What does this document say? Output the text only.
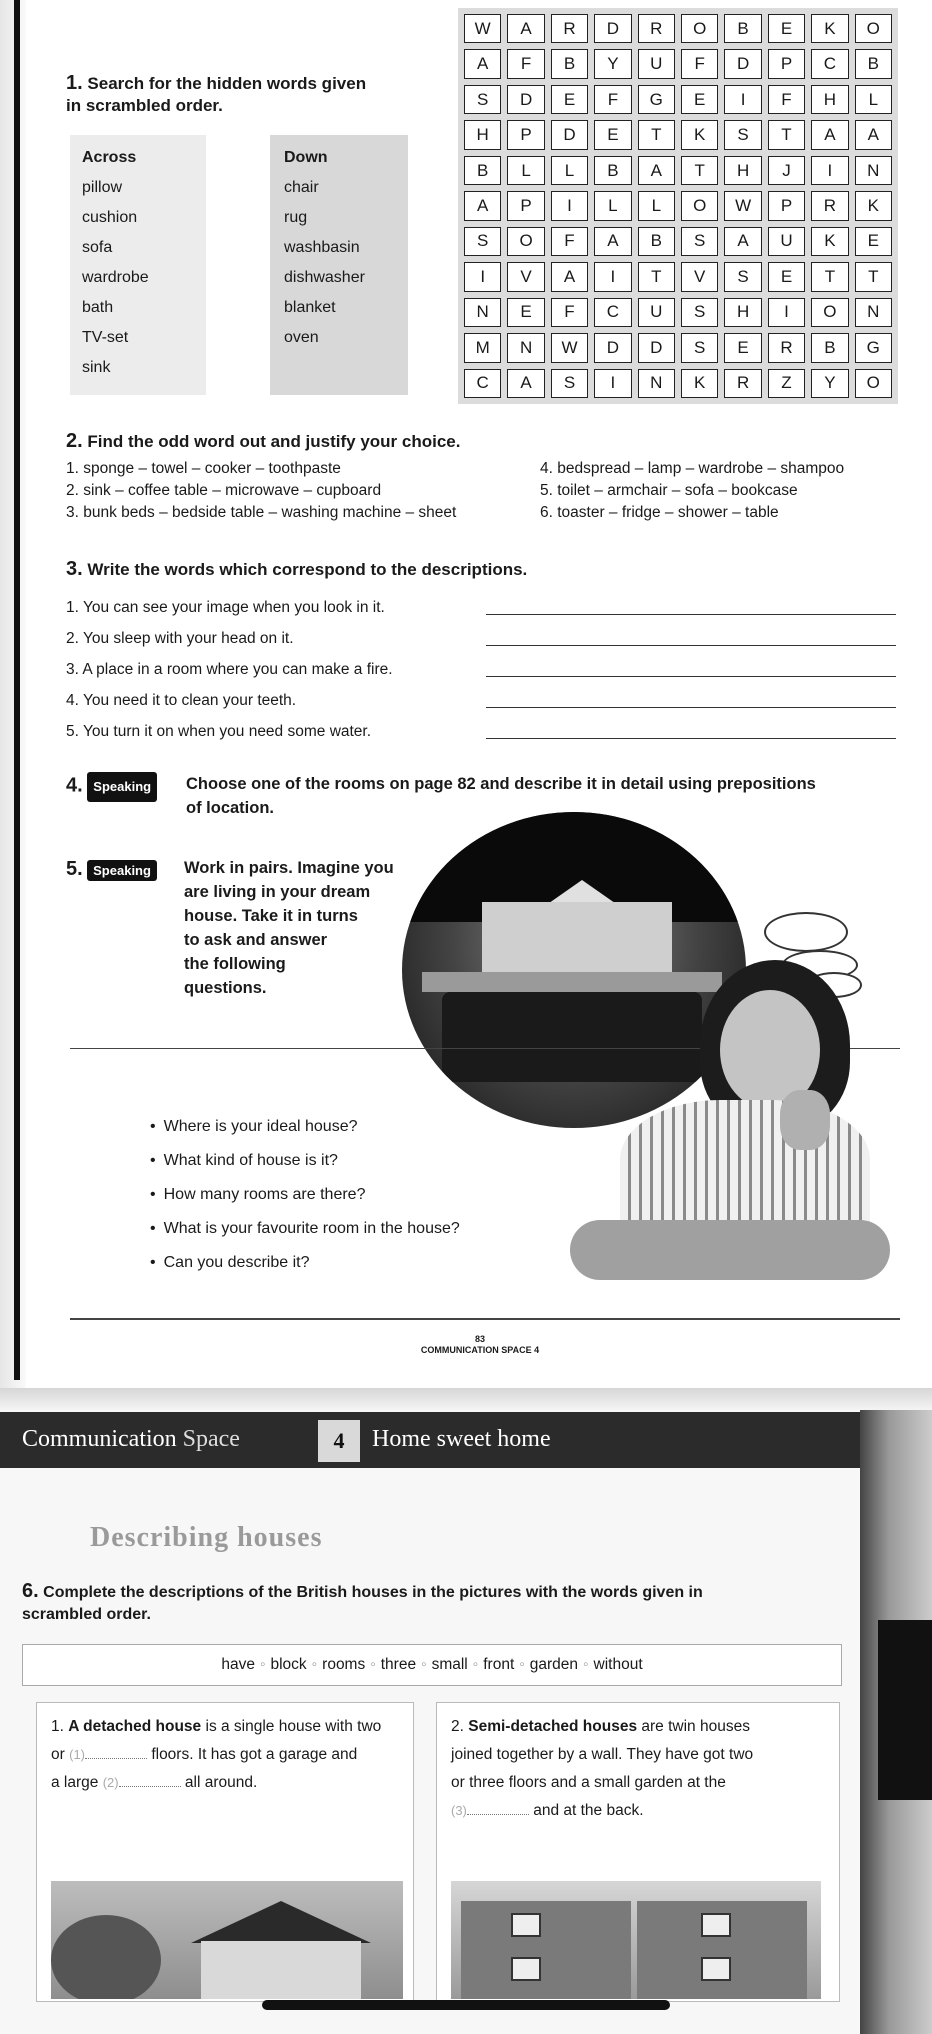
1. Search for the hidden words given
in scrambled order.
Across
pillow
cushion
sofa
wardrobe
bath
TV-set
sink
Down
chair
rug
washbasin
dishwasher
blanket
oven
W	A	R	D	R	O	B	E	K	O
A	F	B	Y	U	F	D	P	C	B
S	D	E	F	G	E	I	F	H	L
H	P	D	E	T	K	S	T	A	A
B	L	L	B	A	T	H	J	I	N
A	P	I	L	L	O	W	P	R	K
S	O	F	A	B	S	A	U	K	E
I	V	A	I	T	V	S	E	T	T
N	E	F	C	U	S	H	I	O	N
M	N	W	D	D	S	E	R	B	G
C	A	S	I	N	K	R	Z	Y	O
2. Find the odd word out and justify your choice.
1. sponge – towel – cooker – toothpaste
2. sink – coffee table – microwave – cupboard
3. bunk beds – bedside table – washing machine – sheet
4. bedspread – lamp – wardrobe – shampoo
5. toilet – armchair – sofa – bookcase
6. toaster – fridge – shower – table
3. Write the words which correspond to the descriptions.
1. You can see your image when you look in it.
2. You sleep with your head on it.
3. A place in a room where you can make a fire.
4. You need it to clean your teeth.
5. You turn it on when you need some water.
4. Speaking	Choose one of the rooms on page 82 and describe it in detail using prepositions
of location.
5. Speaking	Work in pairs. Imagine you
are living in your dream
house. Take it in turns
to ask and answer
the following
questions.
• Where is your ideal house?
• What kind of house is it?
• How many rooms are there?
• What is your favourite room in the house?
• Can you describe it?
83
COMMUNICATION SPACE 4
Communication Space	4	Home sweet home
Describing houses
6. Complete the descriptions of the British houses in the pictures with the words given in
scrambled order.
have ◦ block ◦ rooms ◦ three ◦ small ◦ front ◦ garden ◦ without
1. A detached house is a single house with two
or (1)	floors. It has got a garage and
a large (2)	all around.
2. Semi-detached houses are twin houses
joined together by a wall. They have got two
or three floors and a small garden at the
(3)	and at the back.
